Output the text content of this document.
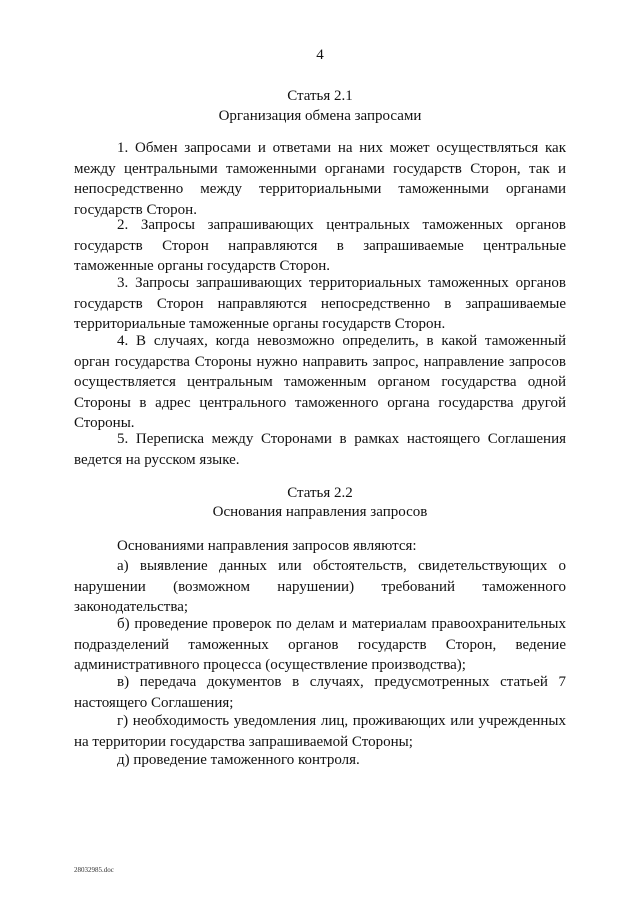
4
Статья 2.1
Организация обмена запросами

1. Обмен запросами и ответами на них может осуществляться как между центральными таможенными органами государств Сторон, так и непосредственно между территориальными таможенными органами государств Сторон.

2. Запросы запрашивающих центральных таможенных органов государств Сторон направляются в запрашиваемые центральные таможенные органы государств Сторон.

3. Запросы запрашивающих территориальных таможенных органов государств Сторон направляются непосредственно в запрашиваемые территориальные таможенные органы государств Сторон.

4. В случаях, когда невозможно определить, в какой таможенный орган государства Стороны нужно направить запрос, направление запросов осуществляется центральным таможенным органом государства одной Стороны в адрес центрального таможенного органа государства другой Стороны.

5. Переписка между Сторонами в рамках настоящего Соглашения ведется на русском языке.

Статья 2.2
Основания направления запросов

Основаниями направления запросов являются:

а) выявление данных или обстоятельств, свидетельствующих о нарушении (возможном нарушении) требований таможенного законодательства;

б) проведение проверок по делам и материалам правоохранительных подразделений таможенных органов государств Сторон, ведение административного процесса (осуществление производства);

в) передача документов в случаях, предусмотренных статьей 7 настоящего Соглашения;

г) необходимость уведомления лиц, проживающих или учрежденных на территории государства запрашиваемой Стороны;

д) проведение таможенного контроля.

28032985.doc
